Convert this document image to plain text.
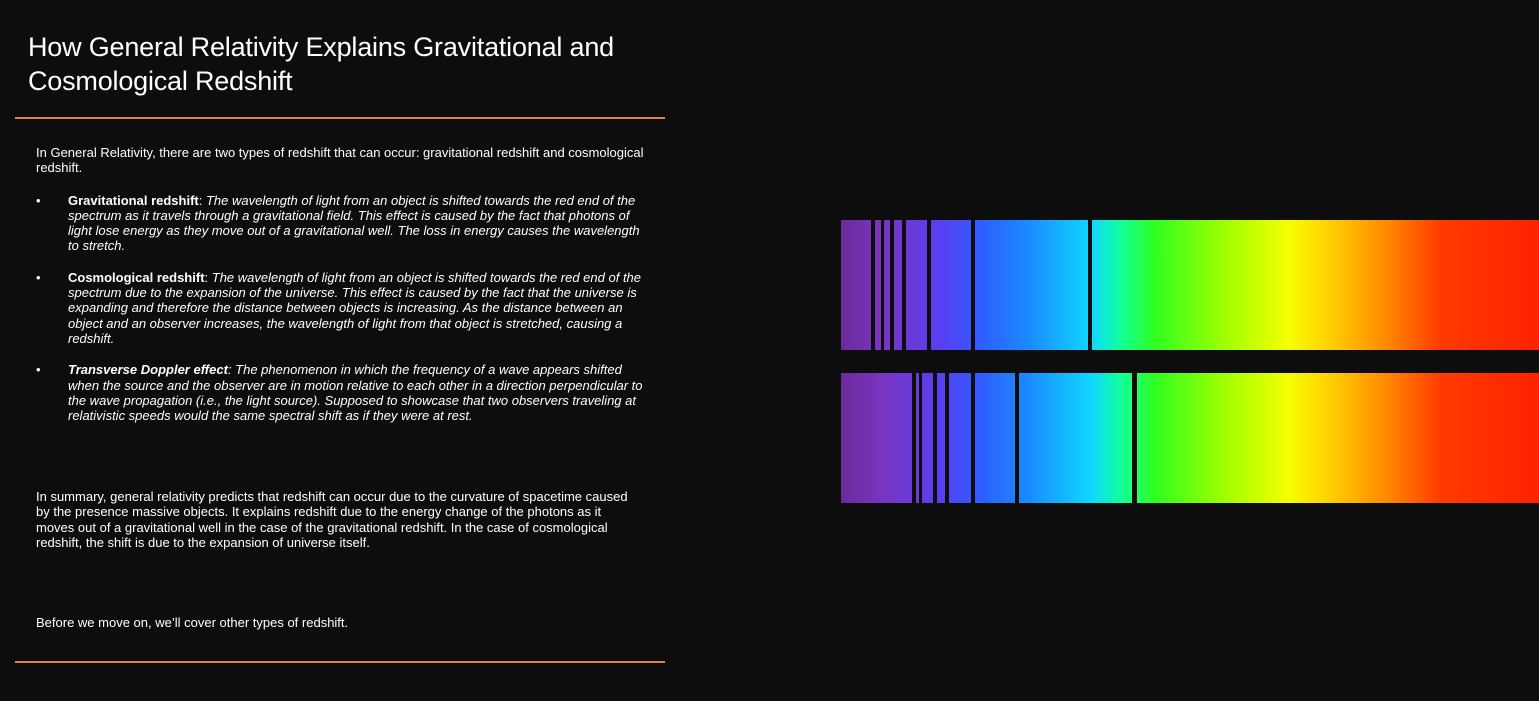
How General Relativity Explains Gravitational and Cosmological Redshift

In General Relativity, there are two types of redshift that can occur: gravitational redshift and cosmological redshift.

• Gravitational redshift: The wavelength of light from an object is shifted towards the red end of the spectrum as it travels through a gravitational field. This effect is caused by the fact that photons of light lose energy as they move out of a gravitational well. The loss in energy causes the wavelength to stretch.
• Cosmological redshift: The wavelength of light from an object is shifted towards the red end of the spectrum due to the expansion of the universe. This effect is caused by the fact that the universe is expanding and therefore the distance between objects is increasing. As the distance between an object and an observer increases, the wavelength of light from that object is stretched, causing a redshift.
• Transverse Doppler effect: The phenomenon in which the frequency of a wave appears shifted when the source and the observer are in motion relative to each other in a direction perpendicular to the wave propagation (i.e., the light source). Supposed to showcase that two observers traveling at relativistic speeds would the same spectral shift as if they were at rest.

In summary, general relativity predicts that redshift can occur due to the curvature of spacetime caused by the presence massive objects. It explains redshift due to the energy change of the photons as it moves out of a gravitational well in the case of the gravitational redshift. In the case of cosmological redshift, the shift is due to the expansion of universe itself.

Before we move on, we’ll cover other types of redshift.
